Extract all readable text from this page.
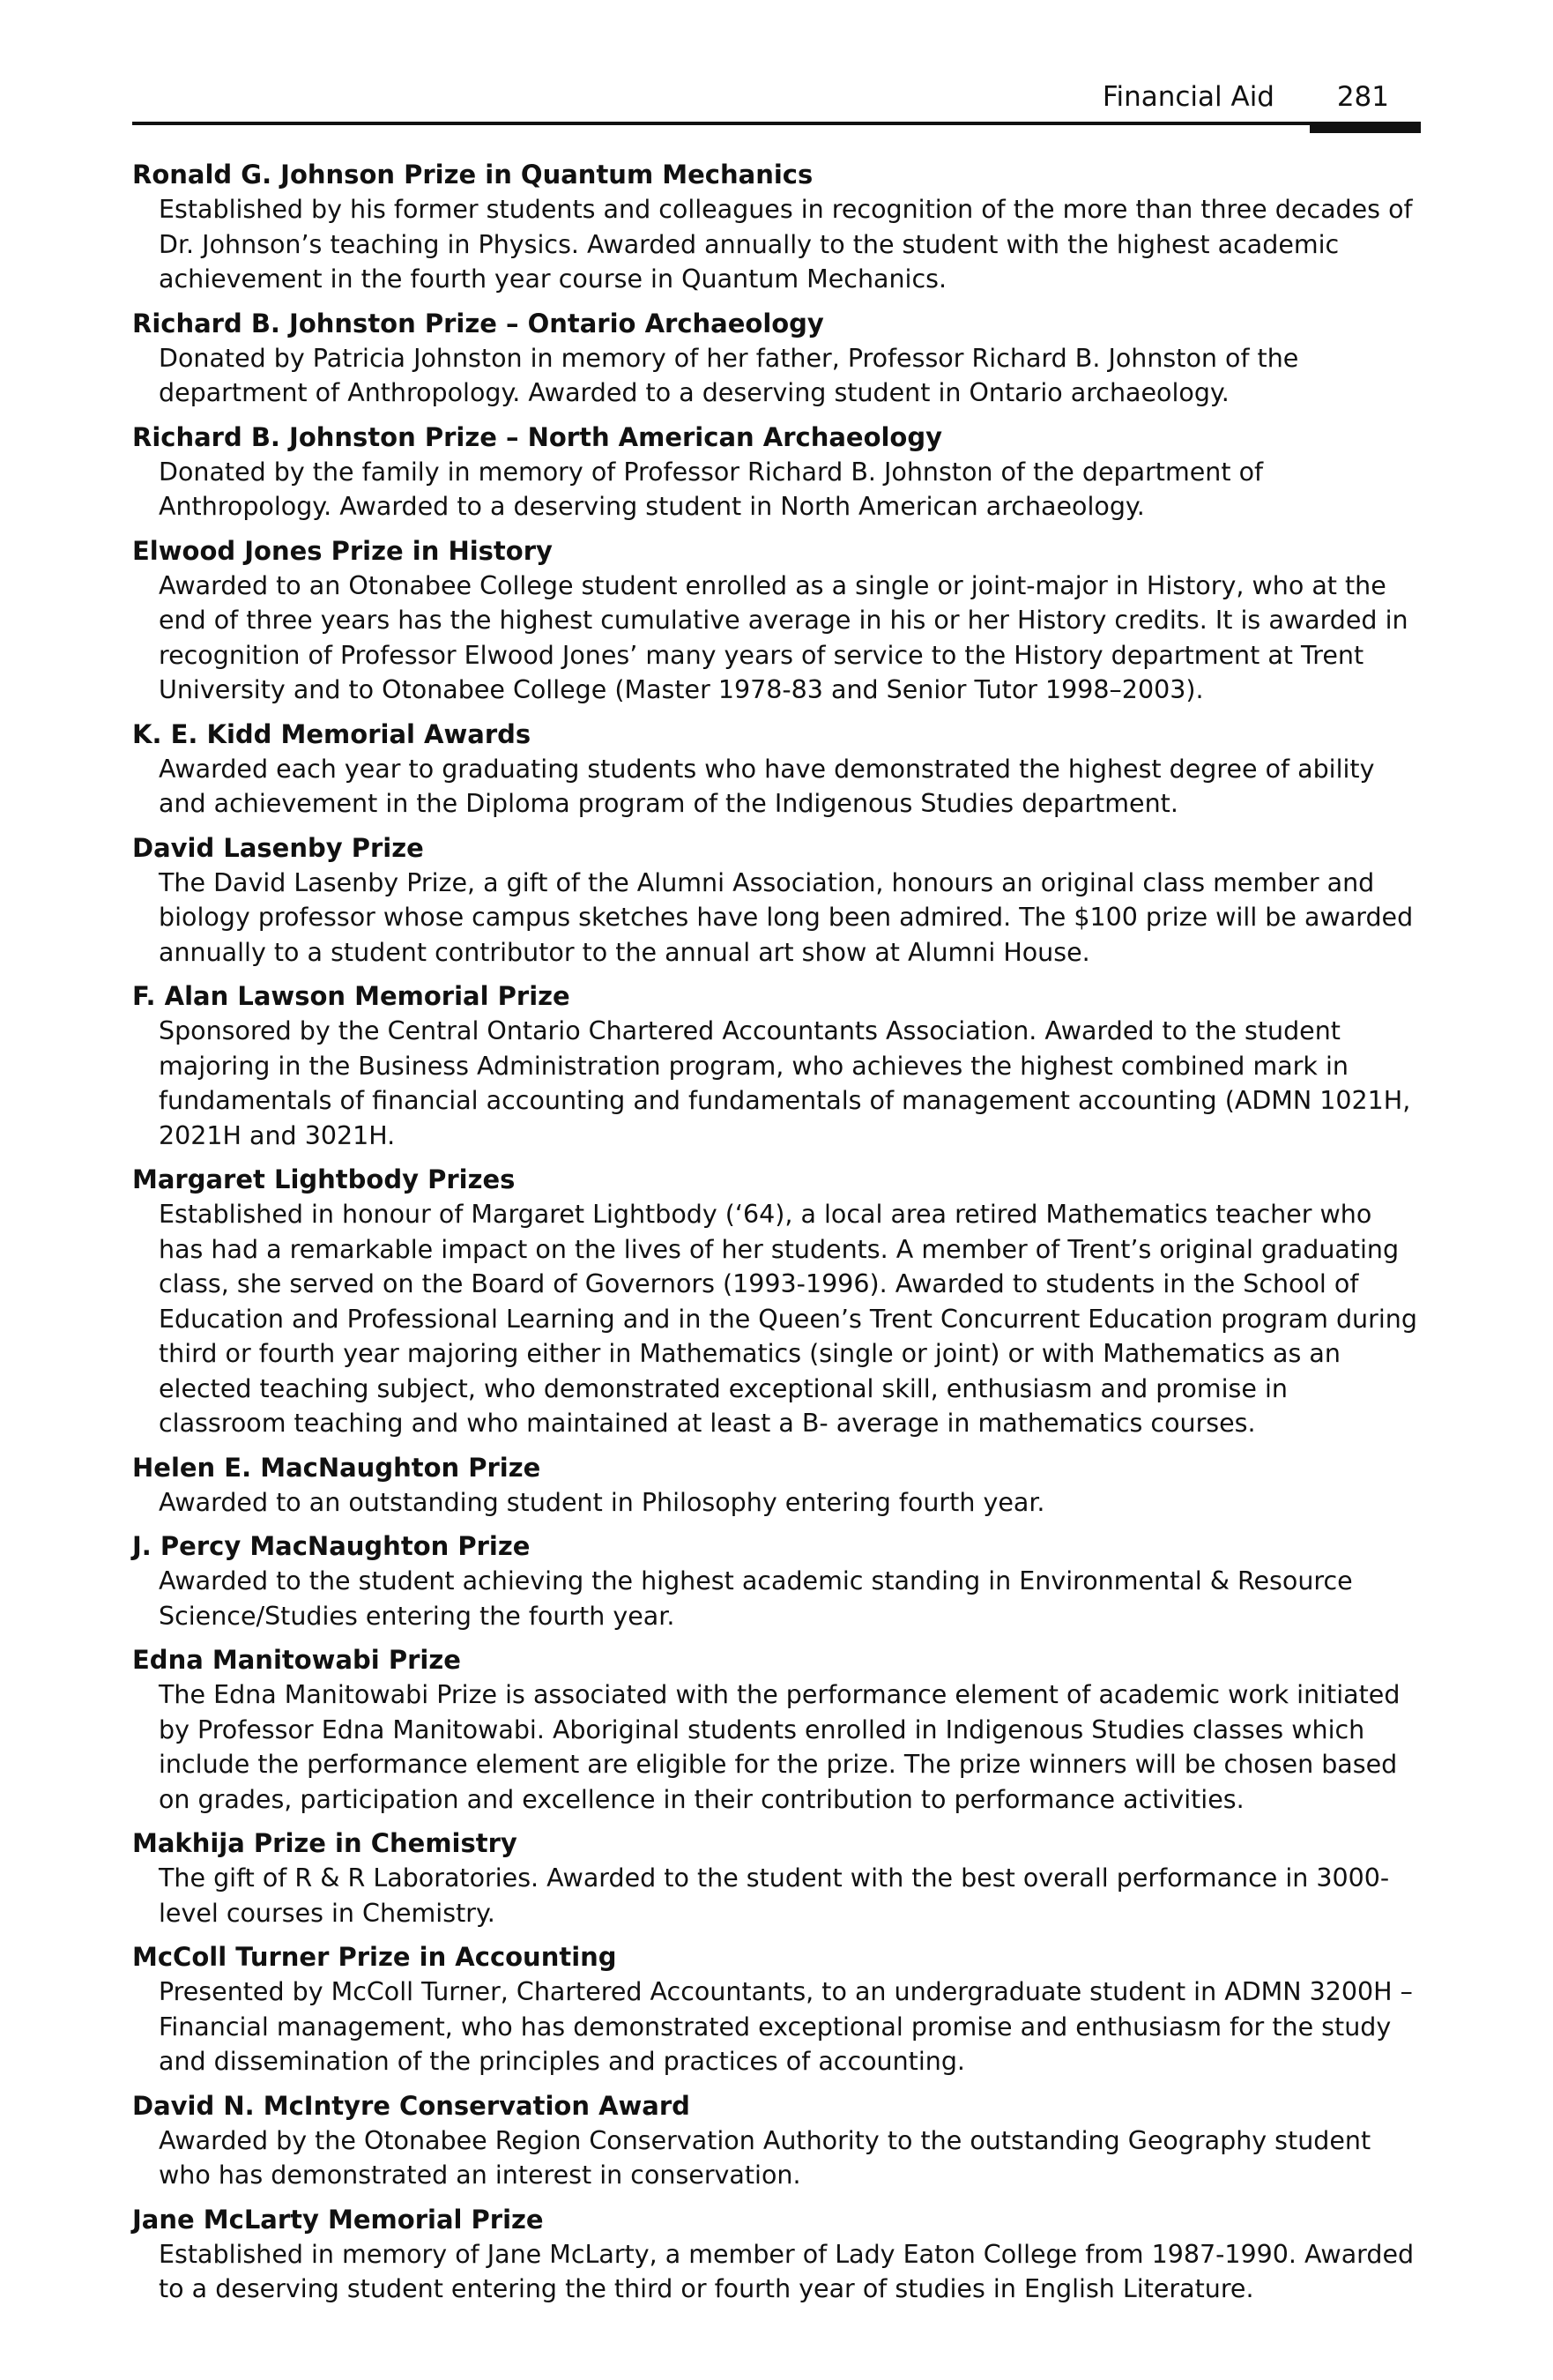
Financial Aid 281
Ronald G. Johnson Prize in Quantum Mechanics
Established by his former students and colleagues in recognition of the more than three decades of Dr. Johnson’s teaching in Physics. Awarded annually to the student with the highest academic achievement in the fourth year course in Quantum Mechanics.
Richard B. Johnston Prize – Ontario Archaeology
Donated by Patricia Johnston in memory of her father, Professor Richard B. Johnston of the department of Anthropology. Awarded to a deserving student in Ontario archaeology.
Richard B. Johnston Prize – North American Archaeology
Donated by the family in memory of Professor Richard B. Johnston of the department of Anthropology. Awarded to a deserving student in North American archaeology.
Elwood Jones Prize in History
Awarded to an Otonabee College student enrolled as a single or joint-major in History, who at the end of three years has the highest cumulative average in his or her History credits. It is awarded in recognition of Professor Elwood Jones’ many years of service to the History department at Trent University and to Otonabee College (Master 1978-83 and Senior Tutor 1998–2003).
K. E. Kidd Memorial Awards
Awarded each year to graduating students who have demonstrated the highest degree of ability and achievement in the Diploma program of the Indigenous Studies department.
David Lasenby Prize
The David Lasenby Prize, a gift of the Alumni Association, honours an original class member and biology professor whose campus sketches have long been admired. The $100 prize will be awarded annually to a student contributor to the annual art show at Alumni House.
F. Alan Lawson Memorial Prize
Sponsored by the Central Ontario Chartered Accountants Association. Awarded to the student majoring in the Business Administration program, who achieves the highest combined mark in fundamentals of financial accounting and fundamentals of management accounting (ADMN 1021H, 2021H and 3021H.
Margaret Lightbody Prizes
Established in honour of Margaret Lightbody (‘64), a local area retired Mathematics teacher who has had a remarkable impact on the lives of her students. A member of Trent’s original graduating class, she served on the Board of Governors (1993-1996). Awarded to students in the School of Education and Professional Learning and in the Queen’s Trent Concurrent Education program during third or fourth year majoring either in Mathematics (single or joint) or with Mathematics as an elected teaching subject, who demonstrated exceptional skill, enthusiasm and promise in classroom teaching and who maintained at least a B- average in mathematics courses.
Helen E. MacNaughton Prize
Awarded to an outstanding student in Philosophy entering fourth year.
J. Percy MacNaughton Prize
Awarded to the student achieving the highest academic standing in Environmental & Resource Science/Studies entering the fourth year.
Edna Manitowabi Prize
The Edna Manitowabi Prize is associated with the performance element of academic work initiated by Professor Edna Manitowabi. Aboriginal students enrolled in Indigenous Studies classes which include the performance element are eligible for the prize. The prize winners will be chosen based on grades, participation and excellence in their contribution to performance activities.
Makhija Prize in Chemistry
The gift of R & R Laboratories. Awarded to the student with the best overall performance in 3000-level courses in Chemistry.
McColl Turner Prize in Accounting
Presented by McColl Turner, Chartered Accountants, to an undergraduate student in ADMN 3200H – Financial management, who has demonstrated exceptional promise and enthusiasm for the study and dissemination of the principles and practices of accounting.
David N. McIntyre Conservation Award
Awarded by the Otonabee Region Conservation Authority to the outstanding Geography student who has demonstrated an interest in conservation.
Jane McLarty Memorial Prize
Established in memory of Jane McLarty, a member of Lady Eaton College from 1987-1990. Awarded to a deserving student entering the third or fourth year of studies in English Literature.
